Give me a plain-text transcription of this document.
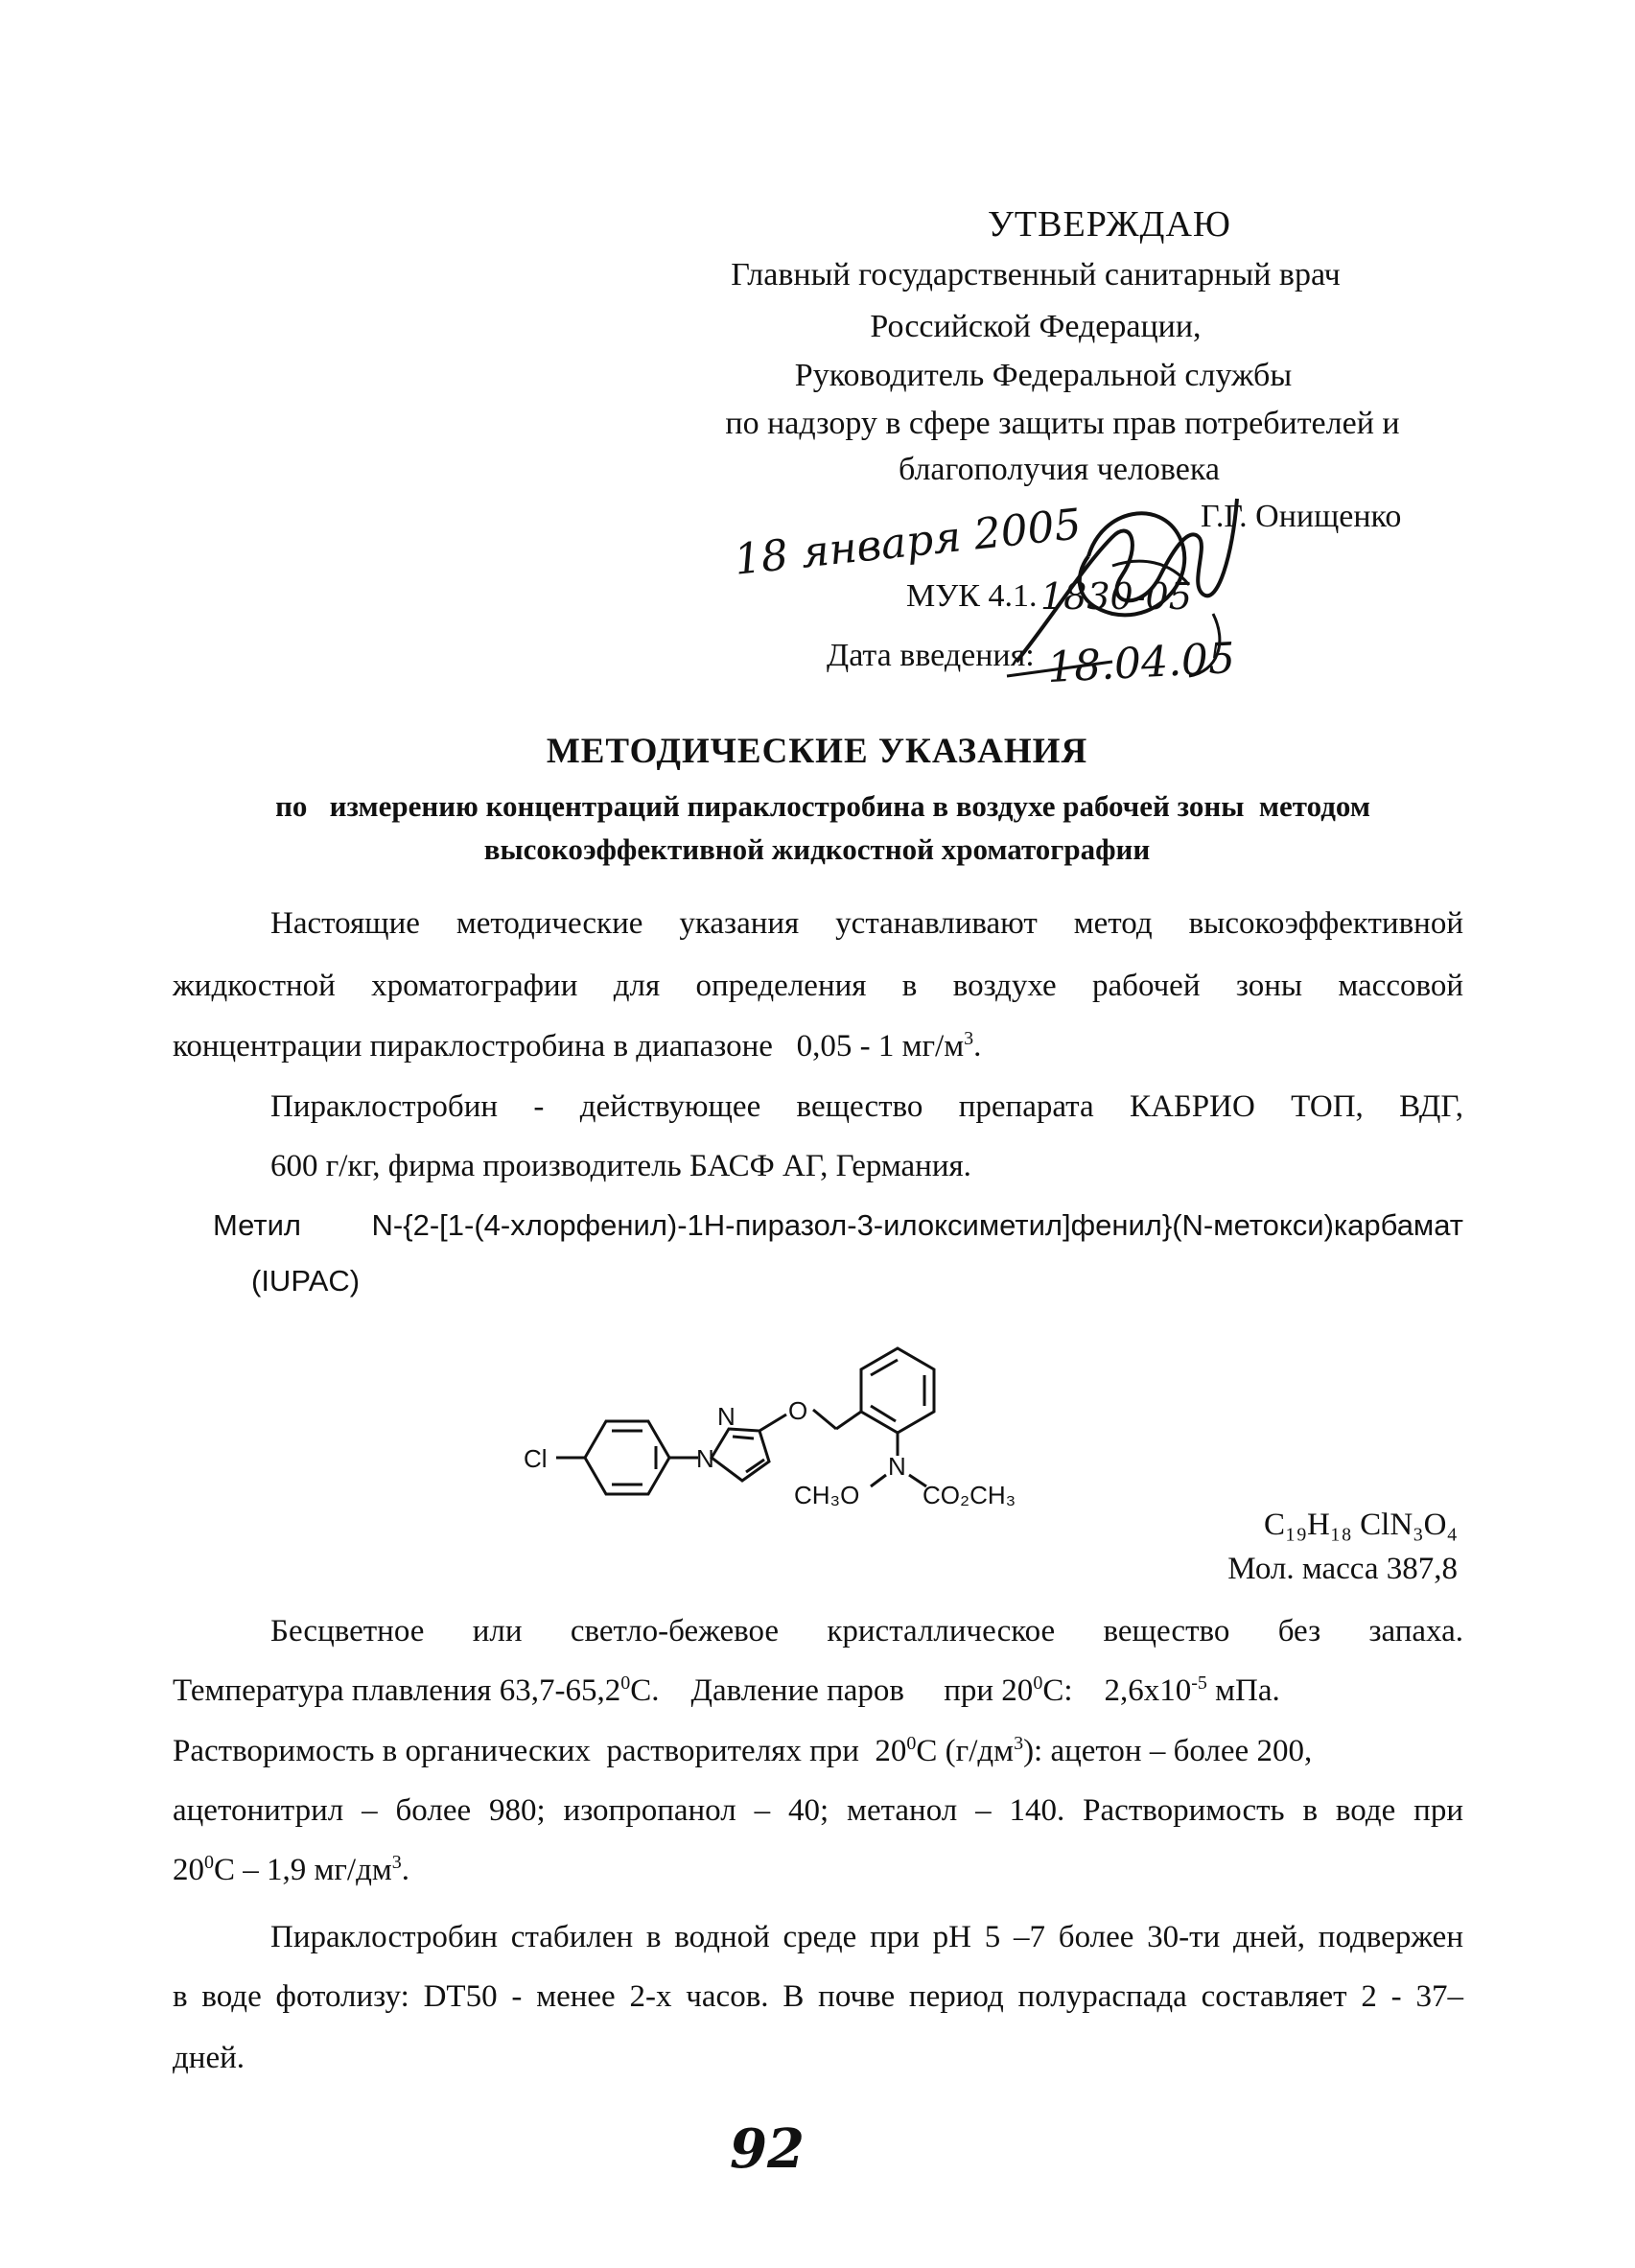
УТВЕРЖДАЮ
Главный государственный санитарный врач
Российской Федерации,
Руководитель Федеральной службы
по надзору в сфере защиты прав потребителей и
благополучия человека
Г.Г. Онищенко
18 января 2005
МУК 4.1. 1830-05
Дата введения: 18.04.05
МЕТОДИЧЕСКИЕ УКАЗАНИЯ
по   измерению концентраций пираклостробина в воздухе рабочей зоны  методом
высокоэффективной жидкостной хроматографии
Настоящие методические указания устанавливают метод высокоэффективной
жидкостной хроматографии для определения в воздухе рабочей зоны массовой
концентрации пираклостробина в диапазоне   0,05 - 1 $мг/м^3$.
Пираклостробин - действующее вещество препарата КАБРИО ТОП, ВДГ,
600 г/кг, фирма производитель БАСФ АГ, Германия.
Метил N-{2-[1-(4-хлорфенил)-1Н-пиразол-3-илоксиметил]фенил}(N-метокси)карбамат
(IUPAC)
Cl	N
N O
N
CH₃O	CO₂CH₃
C₁₉H₁₈ ClN₃O₄
Мол. масса 387,8
Бесцветное или светло-бежевое кристаллическое вещество без запаха.
Температура плавления 63,7-65,2$^0$C.    Давление паров     при $20^0C$:    $2,6x10^{-5}$ мПа.
Растворимость в органических  растворителях при  $20^0C$ $(г/дм^3)$: ацетон – более 200,
ацетонитрил – более 980; изопропанол – 40; метанол – 140. Растворимость в воде при
$20^0C - 1,9$ $мг/дм^3$.
Пираклостробин стабилен в водной среде при pH 5 –7 более 30-ти дней, подвержен
в воде фотолизу: DT50 - менее 2-х часов. В почве период полураспада составляет 2 - 37–
дней.
92
